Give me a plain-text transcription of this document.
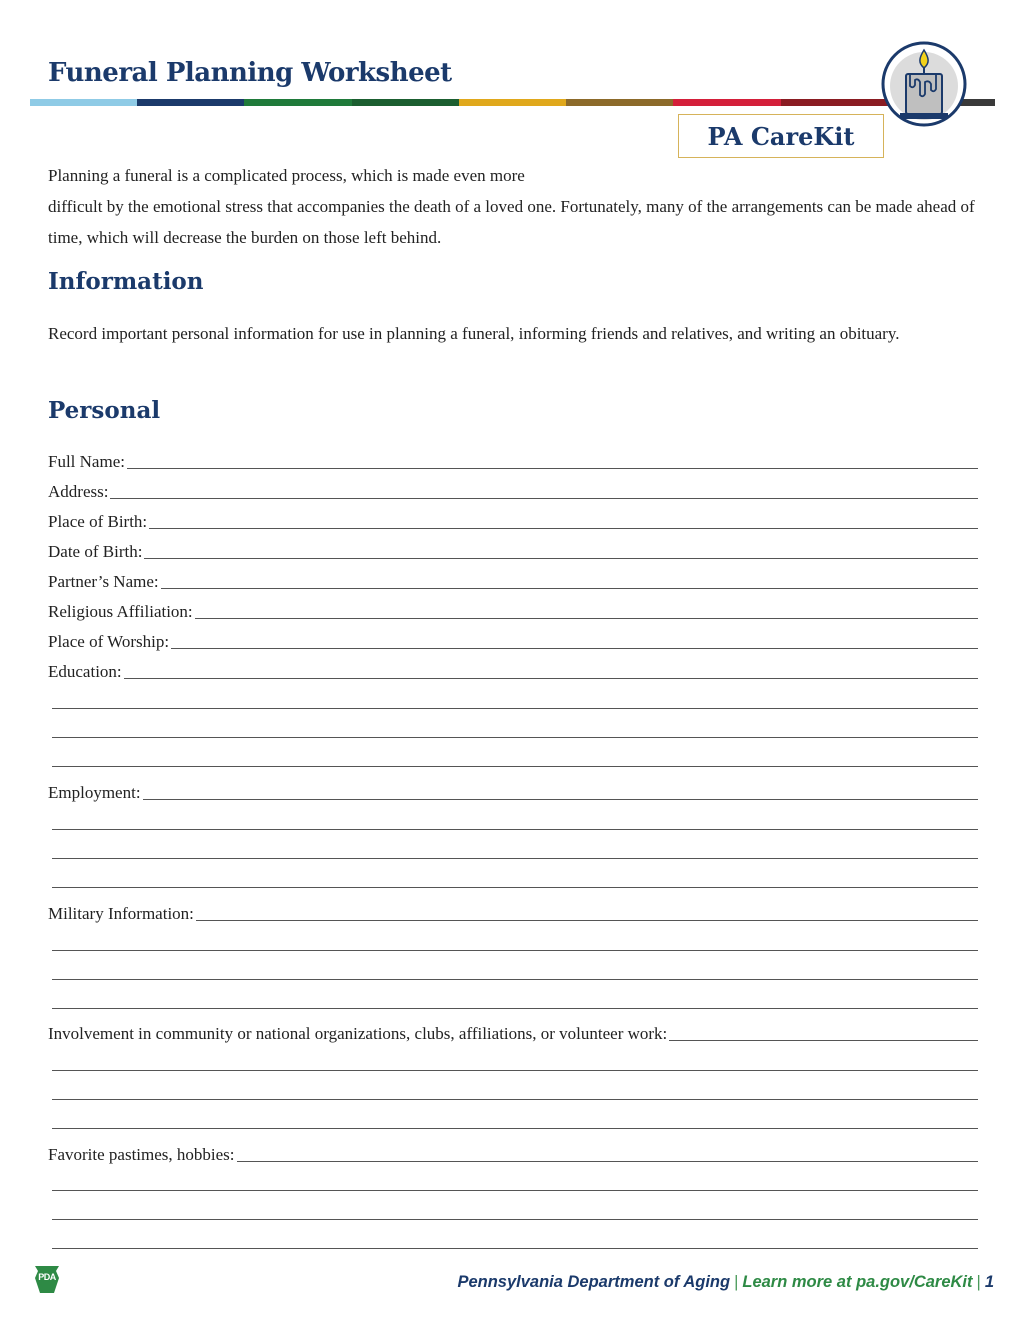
Funeral Planning Worksheet
PA CareKit
Planning a funeral is a complicated process, which is made even more
difficult by the emotional stress that accompanies the death of a loved one. Fortunately, many of the arrangements can be made ahead of time, which will decrease the burden on those left behind.
Information

Record important personal information for use in planning a funeral, informing friends and relatives, and writing an obituary.

Personal
Full Name:
Address:
Place of Birth:
Date of Birth:
Partner’s Name:
Religious Affiliation:
Place of Worship:
Education:
Employment:
Military Information:
Involvement in community or national organizations, clubs, affiliations, or volunteer work:
Favorite pastimes, hobbies:
PDA	Pennsylvania Department of Aging | Learn more at pa.gov/CareKit | 1
